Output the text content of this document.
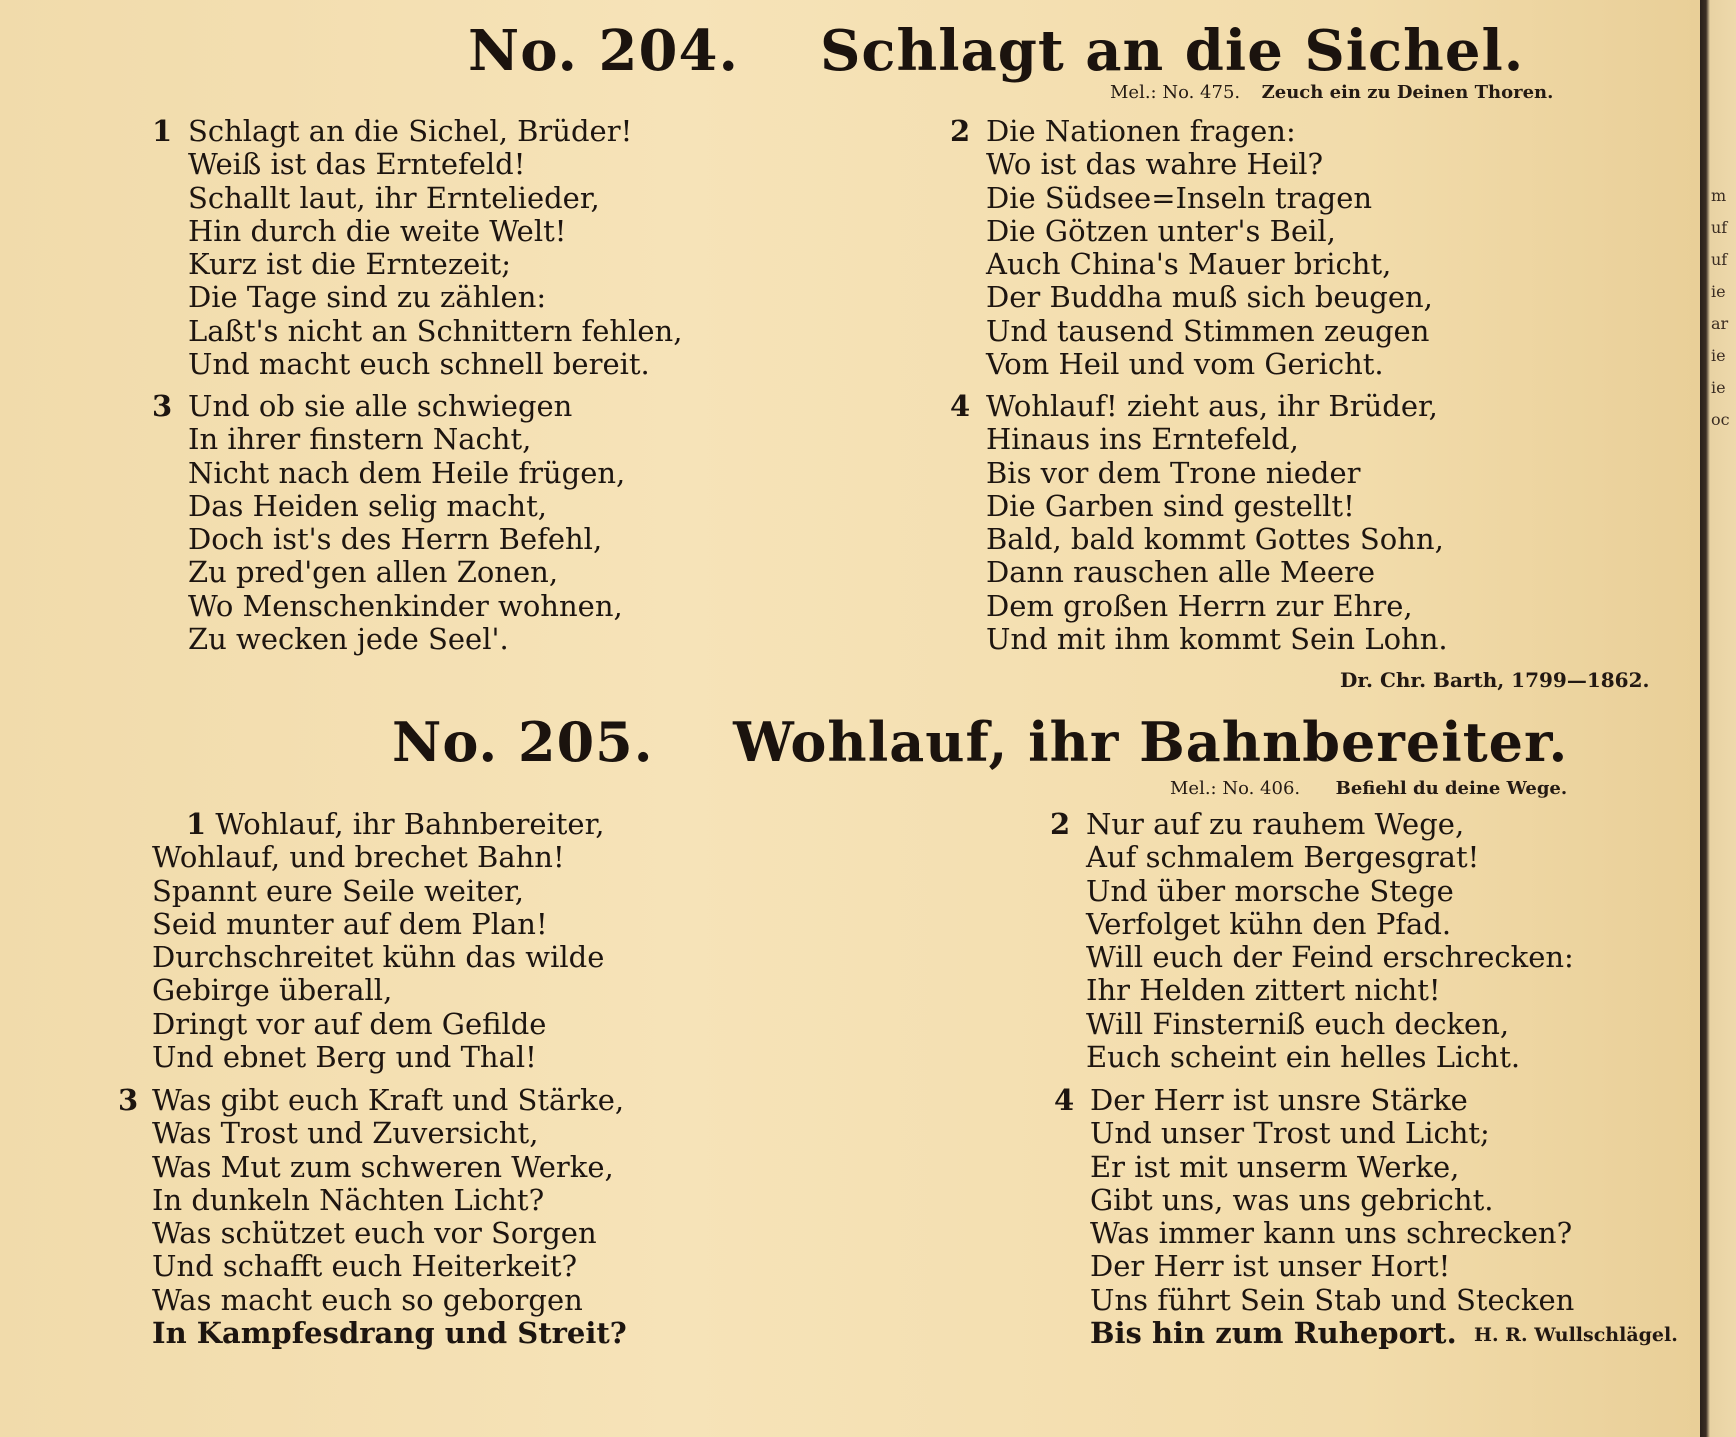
No. 204. Schlagt an die Sichel.
Mel.: No. 475. Zeuch ein zu Deinen Thoren.
1 Schlagt an die Sichel, Brüder!
Weiß ist das Erntefeld!
Schallt laut, ihr Erntelieder,
Hin durch die weite Welt!
Kurz ist die Erntezeit;
Die Tage sind zu zählen:
Laßt's nicht an Schnittern fehlen,
Und macht euch schnell bereit.
2 Die Nationen fragen:
Wo ist das wahre Heil?
Die Südsee=Inseln tragen
Die Götzen unter's Beil,
Auch China's Mauer bricht,
Der Buddha muß sich beugen,
Und tausend Stimmen zeugen
Vom Heil und vom Gericht.
3 Und ob sie alle schwiegen
In ihrer finstern Nacht,
Nicht nach dem Heile frügen,
Das Heiden selig macht,
Doch ist's des Herrn Befehl,
Zu pred'gen allen Zonen,
Wo Menschenkinder wohnen,
Zu wecken jede Seel'.
4 Wohlauf! zieht aus, ihr Brüder,
Hinaus ins Erntefeld,
Bis vor dem Trone nieder
Die Garben sind gestellt!
Bald, bald kommt Gottes Sohn,
Dann rauschen alle Meere
Dem großen Herrn zur Ehre,
Und mit ihm kommt Sein Lohn.
Dr. Chr. Barth, 1799—1862.
No. 205. Wohlauf, ihr Bahnbereiter.
Mel.: No. 406. Befiehl du deine Wege.
1 Wohlauf, ihr Bahnbereiter,
Wohlauf, und brechet Bahn!
Spannt eure Seile weiter,
Seid munter auf dem Plan!
Durchschreitet kühn das wilde
Gebirge überall,
Dringt vor auf dem Gefilde
Und ebnet Berg und Thal!
2 Nur auf zu rauhem Wege,
Auf schmalem Bergesgrat!
Und über morsche Stege
Verfolget kühn den Pfad.
Will euch der Feind erschrecken:
Ihr Helden zittert nicht!
Will Finsterniß euch decken,
Euch scheint ein helles Licht.
3 Was gibt euch Kraft und Stärke,
Was Trost und Zuversicht,
Was Mut zum schweren Werke,
In dunkeln Nächten Licht?
Was schützet euch vor Sorgen
Und schafft euch Heiterkeit?
Was macht euch so geborgen
In Kampfesdrang und Streit?
4 Der Herr ist unsre Stärke
Und unser Trost und Licht;
Er ist mit unserm Werke,
Gibt uns, was uns gebricht.
Was immer kann uns schrecken?
Der Herr ist unser Hort!
Uns führt Sein Stab und Stecken
Bis hin zum Ruheport. H. R. Wullschlägel.
m
uf
uf
ie
ar
ie
ie
oc
